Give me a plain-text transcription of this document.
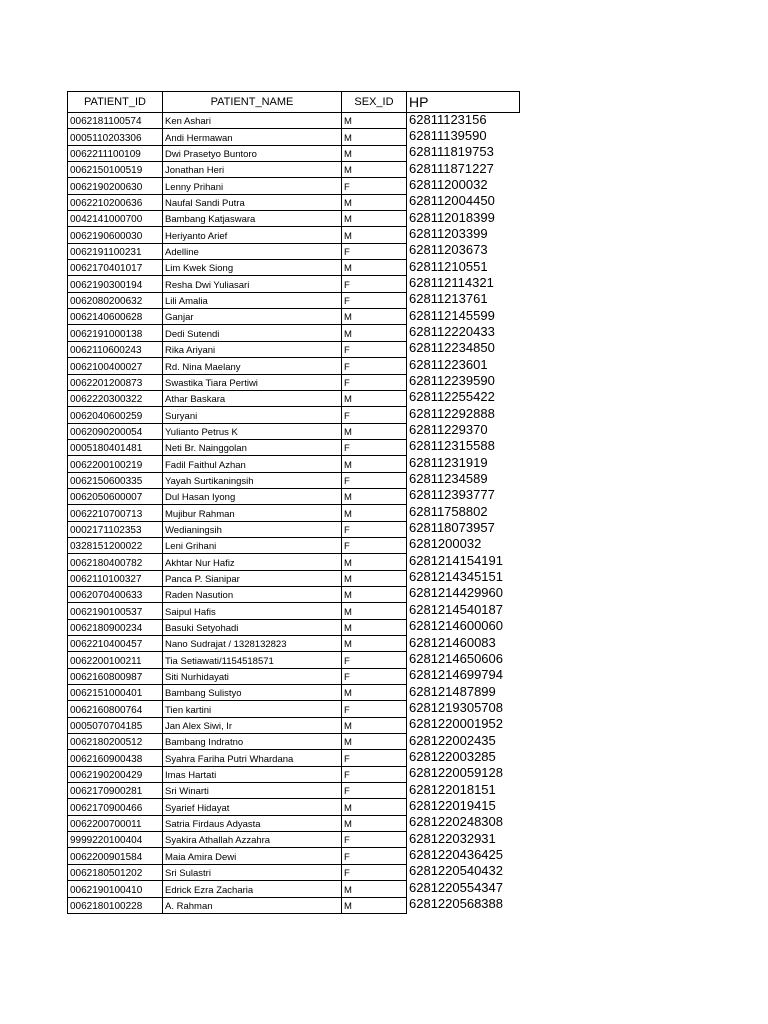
PATIENT_ID	PATIENT_NAME	SEX_ID	HP
0062181100574	Ken Ashari	M	62811123156
0005110203306	Andi Hermawan	M	62811139590
0062211100109	Dwi Prasetyo Buntoro	M	628111819753
0062150100519	Jonathan Heri	M	628111871227
0062190200630	Lenny Prihani	F	62811200032
0062210200636	Naufal Sandi Putra	M	628112004450
0042141000700	Bambang Katjaswara	M	628112018399
0062190600030	Heriyanto Arief	M	62811203399
0062191100231	Adelline	F	62811203673
0062170401017	Lim Kwek Siong	M	62811210551
0062190300194	Resha Dwi Yuliasari	F	628112114321
0062080200632	Lili Amalia	F	62811213761
0062140600628	Ganjar	M	628112145599
0062191000138	Dedi Sutendi	M	628112220433
0062110600243	Rika Ariyani	F	628112234850
0062100400027	Rd. Nina Maelany	F	62811223601
0062201200873	Swastika Tiara Pertiwi	F	628112239590
0062220300322	Athar Baskara	M	628112255422
0062040600259	Suryani	F	628112292888
0062090200054	Yulianto Petrus K	M	62811229370
0005180401481	Neti Br. Nainggolan	F	628112315588
0062200100219	Fadil Faithul Azhan	M	62811231919
0062150600335	Yayah Surtikaningsih	F	62811234589
0062050600007	Dul Hasan Iyong	M	628112393777
0062210700713	Mujibur Rahman	M	62811758802
0002171102353	Wedianingsih	F	628118073957
0328151200022	Leni Grihani	F	6281200032
0062180400782	Akhtar Nur Hafiz	M	6281214154191
0062110100327	Panca P. Sianipar	M	6281214345151
0062070400633	Raden Nasution	M	6281214429960
0062190100537	Saipul Hafis	M	6281214540187
0062180900234	Basuki Setyohadi	M	6281214600060
0062210400457	Nano Sudrajat / 1328132823	M	628121460083
0062200100211	Tia Setiawati/1154518571	F	6281214650606
0062160800987	Siti Nurhidayati	F	6281214699794
0062151000401	Bambang Sulistyo	M	628121487899
0062160800764	Tien kartini	F	6281219305708
0005070704185	Jan Alex Siwi, Ir	M	6281220001952
0062180200512	Bambang Indratno	M	628122002435
0062160900438	Syahra Fariha Putri Whardana	F	628122003285
0062190200429	Imas Hartati	F	6281220059128
0062170900281	Sri Winarti	F	628122018151
0062170900466	Syarief Hidayat	M	628122019415
0062200700011	Satria Firdaus Adyasta	M	6281220248308
9999220100404	Syakira Athallah Azzahra	F	628122032931
0062200901584	Maia Amira Dewi	F	6281220436425
0062180501202	Sri Sulastri	F	6281220540432
0062190100410	Edrick Ezra Zacharia	M	6281220554347
0062180100228	A. Rahman	M	6281220568388
